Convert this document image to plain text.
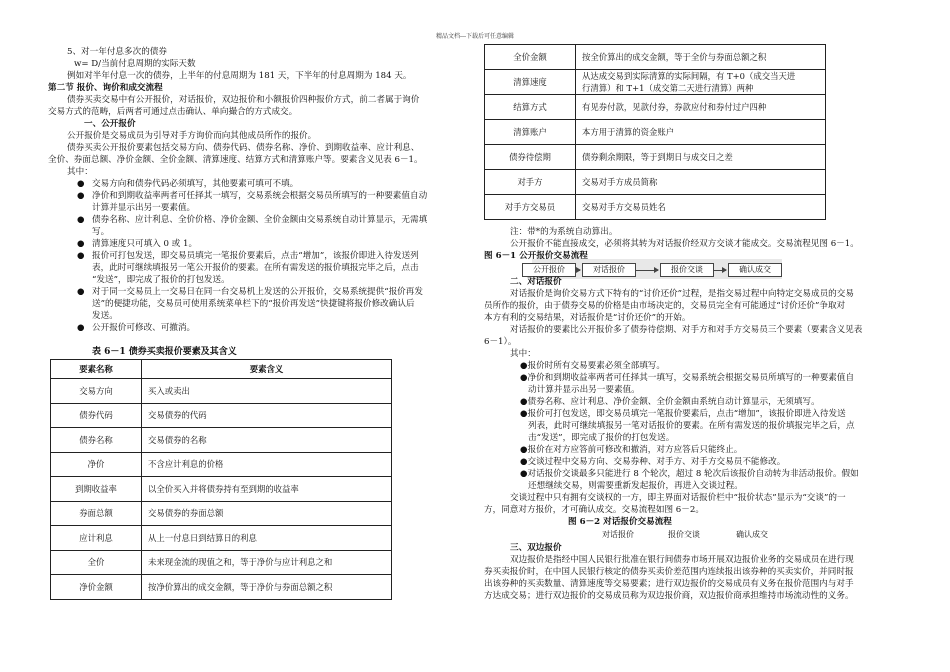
精品文档---下载后可任意编辑
要素名称	要素含义
交易方向	买入或卖出
债券代码	交易债券的代码
债券名称	交易债券的名称
净价	不含应计利息的价格
到期收益率	以全价买入并将债券持有至到期的收益率
券面总额	交易债券的券面总额
应计利息	从上一付息日到结算日的利息
全价	未来现金流的现值之和，等于净价与应计利息之和
净价金额	按净价算出的成交金额，等于净价与券面总额之积
全价金额	按全价算出的成交金额，等于全价与券面总额之积
清算速度	从达成交易到实际清算的实际间隔，有 T+0（成交当天进
行清算）和 T+1（成交第二天进行清算）两种
结算方式	有见券付款，见款付券，券款应付和券付过户四种
清算账户	本方用于清算的资金账户
债券待偿期	债券剩余期限，等于到期日与成交日之差
对手方	交易对手方成员简称
对手方交易员	交易对手方交易员姓名
表 6－1 债券买卖报价要素及其含义
公开报价	对话报价	报价交谈	确认成交
对话报价	报价交谈	确认成交
5、对一年付息多次的债券
w= D/当前付息周期的实际天数
例如对半年付息一次的债券，上半年的付息周期为 181 天，下半年的付息周期为 184 天。
第二节 报价、询价和成交流程
债券买卖交易中有公开报价，对话报价，双边报价和小额报价四种报价方式，前二者属于询价
交易方式的范畴，后两者可通过点击确认、单向撮合的方式成交。
一、公开报价
公开报价是交易成员为引导对手方询价而向其他成员所作的报价。
债券买卖公开报价要素包括交易方向、债券代码、债券名称、净价、到期收益率、应计利息、
全价、券面总额、净价金额、全价金额、清算速度、结算方式和清算账户等。要素含义见表 6－1。
其中：
交易方向和债券代码必须填写，其他要素可填可不填。
净价和到期收益率两者可任择其一填写，交易系统会根据交易员所填写的一种要素值自动
计算并显示出另一要素值。
债券名称、应计利息、全价价格、净价金额、全价金额由交易系统自动计算显示，无需填
写。
清算速度只可填入 0 或 1。
报价可打包发送，即交易员填完一笔报价要素后，点击“增加”，该报价即进入待发送列
表，此时可继续填报另一笔公开报价的要素。在所有需发送的报价填报完毕之后，点击
“发送”，即完成了报价的打包发送。
对于同一交易员上一交易日在同一台交易机上发送的公开报价，交易系统提供“报价再发
送”的便捷功能，交易员可使用系统菜单栏下的“报价再发送”快捷键将报价修改确认后
发送。
公开报价可修改、可撤消。
注：带*的为系统自动算出。
公开报价不能直接成交，必须将其转为对话报价经双方交谈才能成交。交易流程见图 6－1。
图 6－1 公开报价交易流程
二、对话报价
对话报价是询价交易方式下特有的“讨价还价”过程，是指交易过程中向特定交易成员的交易
员所作的报价，由于债券交易的价格是由市场决定的，交易员完全有可能通过“讨价还价”争取对
本方有利的交易结果，对话报价是“讨价还价”的开始。
对话报价的要素比公开报价多了债券待偿期、对手方和对手方交易员三个要素（要素含义见表
6－1）。
其中：
●报价时所有交易要素必须全部填写。
●净价和到期收益率两者可任择其一填写，交易系统会根据交易员所填写的一种要素值自
动计算并显示出另一要素值。
●债券名称、应计利息、净价金额、全价金额由系统自动计算显示，无须填写。
●报价可打包发送，即交易员填完一笔报价要素后，点击“增加”，该报价即进入待发送
列表，此时可继续填报另一笔对话报价的要素。在所有需发送的报价填报完毕之后，点
击“发送”，即完成了报价的打包发送。
●报价在对方应答前可修改和撤消，对方应答后只能终止。
●交谈过程中交易方向、交易券种、对手方、对手方交易员不能修改。
●对话报价交谈最多只能进行 8 个轮次，超过 8 轮次后该报价自动转为非活动报价。假如
还想继续交易，则需要重新发起报价，再进入交谈过程。
交谈过程中只有拥有交谈权的一方，即主界面对话报价栏中“报价状态”显示为“交谈”的一
方，同意对方报价，才可确认成交。交易流程如图 6－2。
图 6－2 对话报价交易流程
三、双边报价
双边报价是指经中国人民银行批准在银行间债券市场开展双边报价业务的交易成员在进行现
券买卖报价时，在中国人民银行核定的债券买卖价差范围内连续报出该券种的买卖实价，并同时报
出该券种的买卖数量、清算速度等交易要素；进行双边报价的交易成员有义务在报价范围内与对手
方达成交易；进行双边报价的交易成员称为双边报价商，双边报价商承担维持市场流动性的义务。
●
●
●
●
●
●
●
